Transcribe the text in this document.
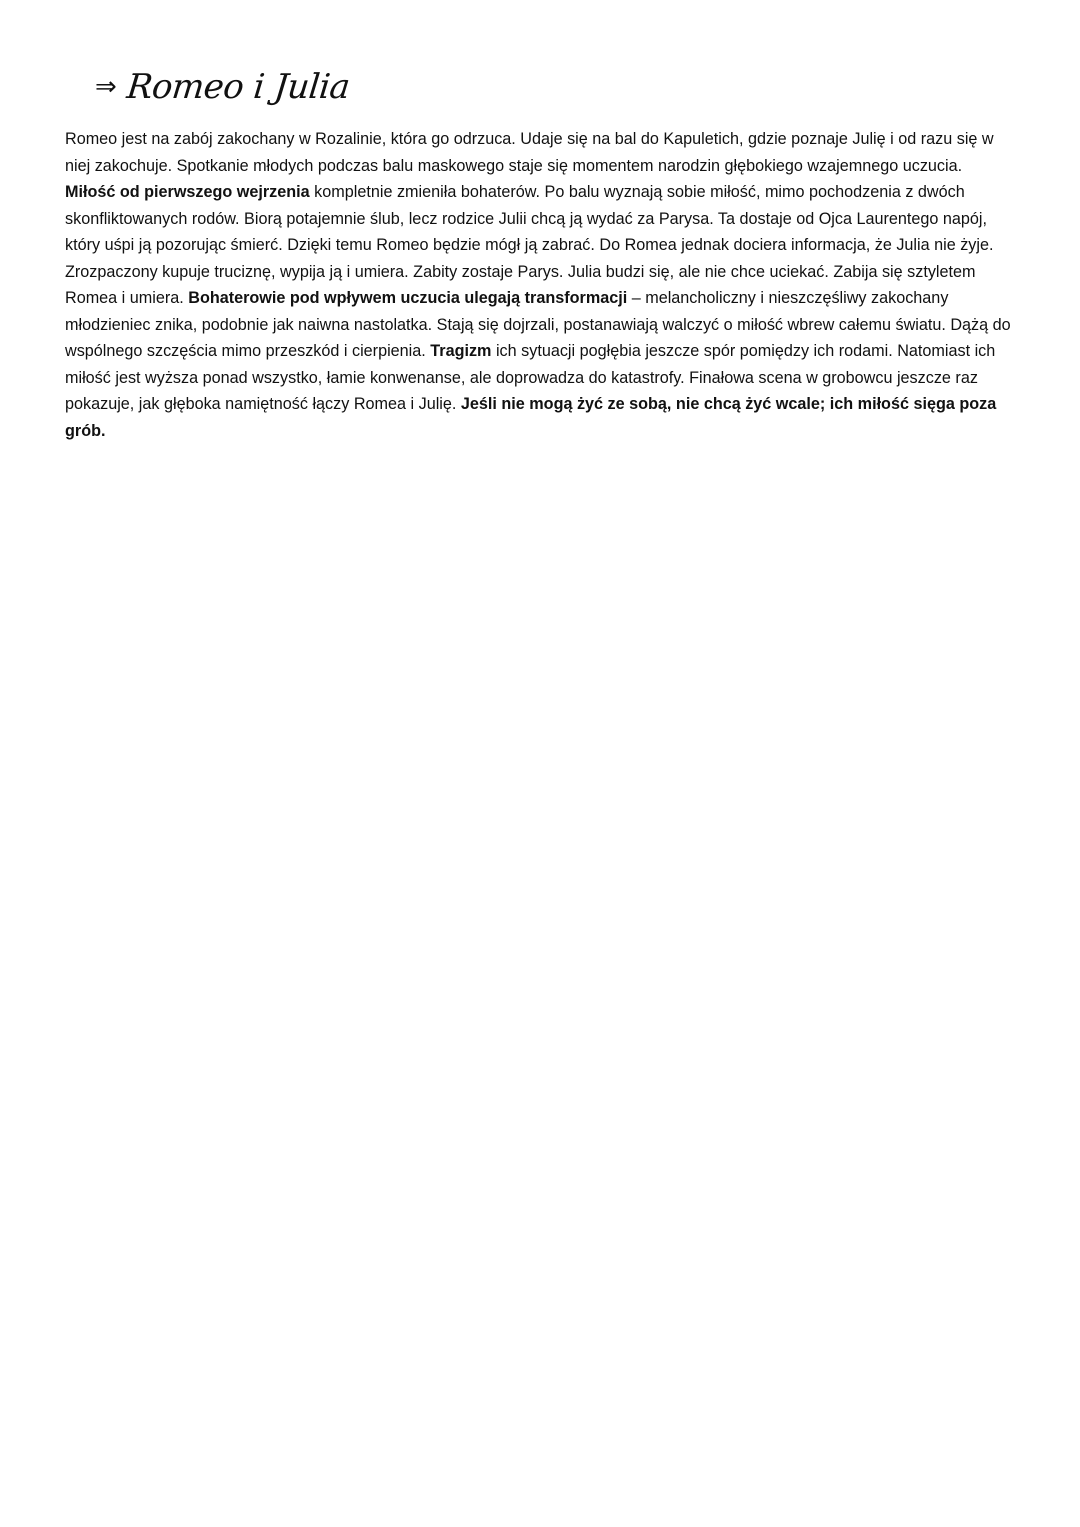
⇒ Romeo i Julia

Romeo jest na zabój zakochany w Rozalinie, która go odrzuca. Udaje się na bal do Kapuletich, gdzie poznaje Julię i od razu się w niej zakochuje. Spotkanie młodych podczas balu maskowego staje się momentem narodzin głębokiego wzajemnego uczucia. Miłość od pierwszego wejrzenia kompletnie zmieniła bohaterów. Po balu wyznają sobie miłość, mimo pochodzenia z dwóch skonfliktowanych rodów. Biorą potajemnie ślub, lecz rodzice Julii chcą ją wydać za Parysa. Ta dostaje od Ojca Laurentego napój, który uśpi ją pozorując śmierć. Dzięki temu Romeo będzie mógł ją zabrać. Do Romea jednak dociera informacja, że Julia nie żyje. Zrozpaczony kupuje truciznę, wypija ją i umiera. Zabity zostaje Parys. Julia budzi się, ale nie chce uciekać. Zabija się sztyletem Romea i umiera. Bohaterowie pod wpływem uczucia ulegają transformacji – melancholiczny i nieszczęśliwy zakochany młodzieniec znika, podobnie jak naiwna nastolatka. Stają się dojrzali, postanawiają walczyć o miłość wbrew całemu światu. Dążą do wspólnego szczęścia mimo przeszkód i cierpienia. Tragizm ich sytuacji pogłębia jeszcze spór pomiędzy ich rodami. Natomiast ich miłość jest wyższa ponad wszystko, łamie konwenanse, ale doprowadza do katastrofy. Finałowa scena w grobowcu jeszcze raz pokazuje, jak głęboka namiętność łączy Romea i Julię. Jeśli nie mogą żyć ze sobą, nie chcą żyć wcale; ich miłość sięga poza grób.
